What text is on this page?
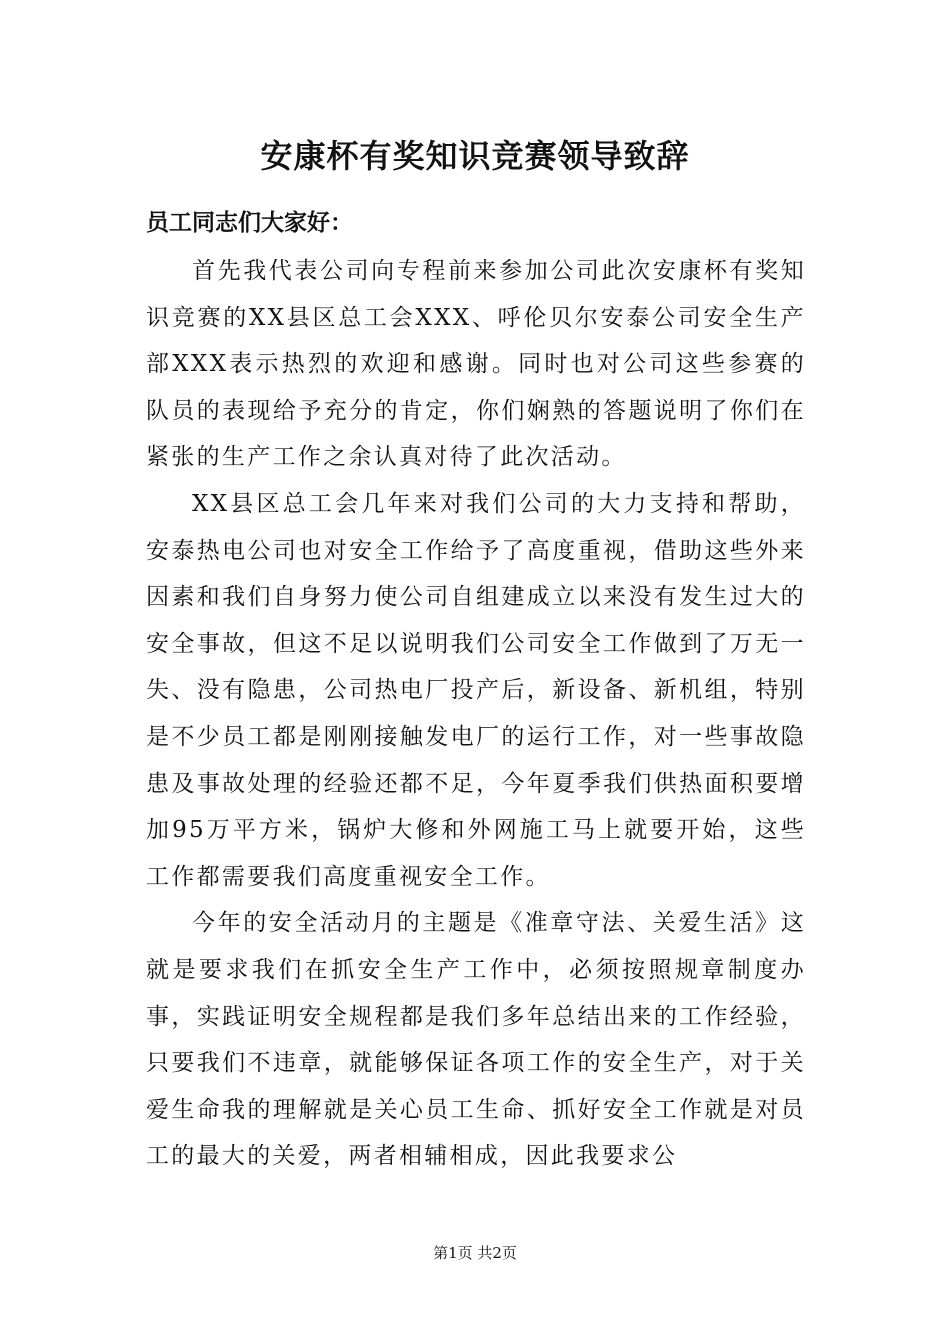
安康杯有奖知识竞赛领导致辞

员工同志们大家好：

首先我代表公司向专程前来参加公司此次安康杯有奖知识竞赛的XX县区总工会XXX、呼伦贝尔安泰公司安全生产部XXX表示热烈的欢迎和感谢。同时也对公司这些参赛的队员的表现给予充分的肯定，你们娴熟的答题说明了你们在紧张的生产工作之余认真对待了此次活动。

XX县区总工会几年来对我们公司的大力支持和帮助，安泰热电公司也对安全工作给予了高度重视，借助这些外来因素和我们自身努力使公司自组建成立以来没有发生过大的安全事故，但这不足以说明我们公司安全工作做到了万无一失、没有隐患，公司热电厂投产后，新设备、新机组，特别是不少员工都是刚刚接触发电厂的运行工作，对一些事故隐患及事故处理的经验还都不足，今年夏季我们供热面积要增加95万平方米，锅炉大修和外网施工马上就要开始，这些工作都需要我们高度重视安全工作。

今年的安全活动月的主题是《准章守法、关爱生活》这就是要求我们在抓安全生产工作中，必须按照规章制度办事，实践证明安全规程都是我们多年总结出来的工作经验，只要我们不违章，就能够保证各项工作的安全生产，对于关爱生命我的理解就是关心员工生命、抓好安全工作就是对员工的最大的关爱，两者相辅相成，因此我要求公

第1页 共2页
